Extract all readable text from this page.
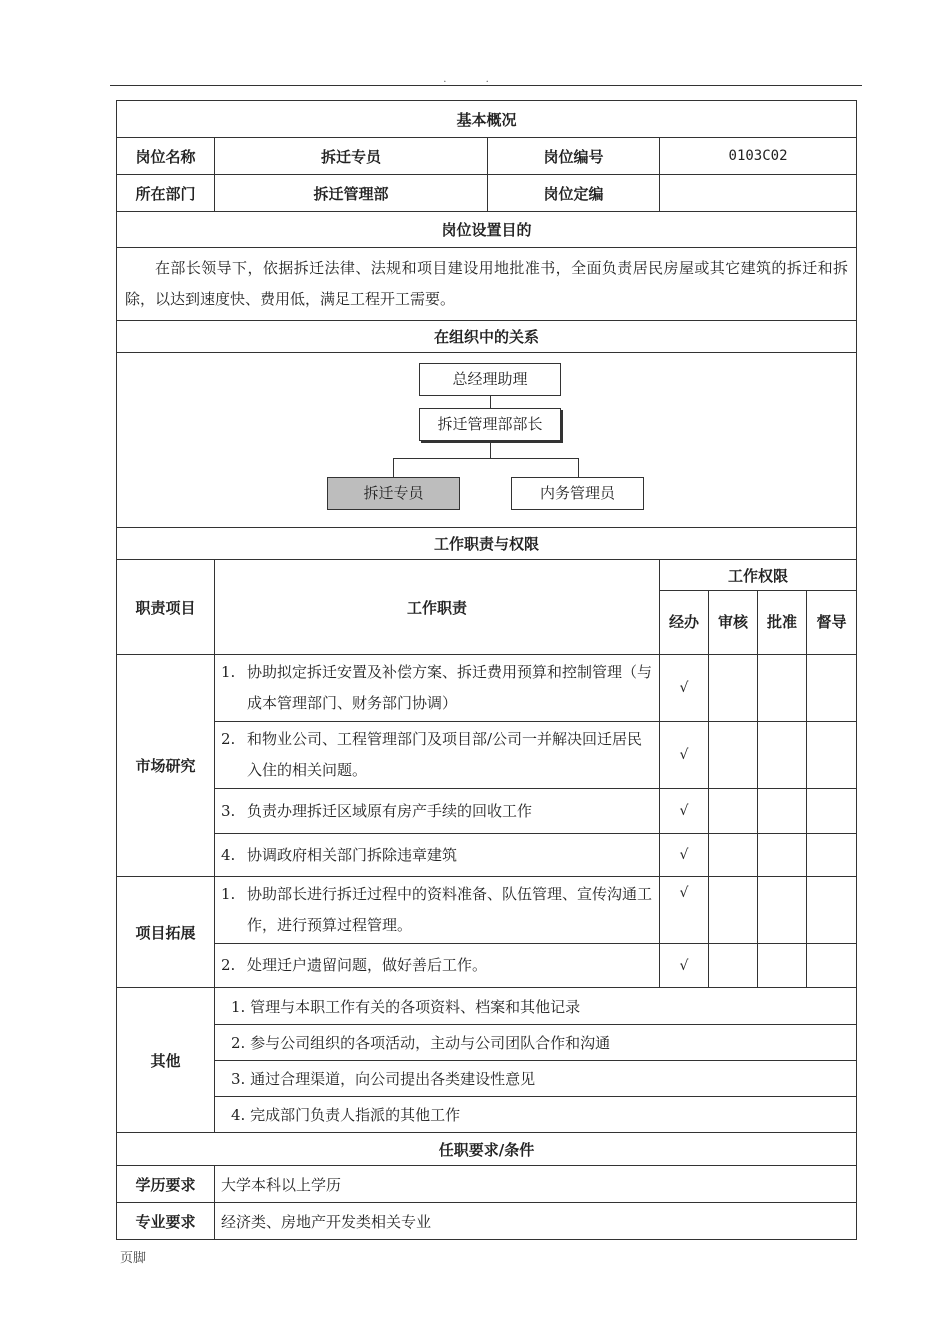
. .
基本概况						
岗位名称	拆迁专员	岗位编号	0103C02			
所在部门	拆迁管理部	岗位定编				
岗位设置目的						
在部长领导下，依据拆迁法律、法规和项目建设用地批准书，全面负责居民房屋或其它建筑的拆迁和拆除，以达到速度快、费用低，满足工程开工需要。						
在组织中的关系						

总经理助理
拆迁管理部部长
拆迁专员 内务管理员						

工作职责与权限						
职责项目	工作职责		工作权限			
			经办	审核	批准	督导
市场研究	1. 协助拟定拆迁安置及补偿方案、拆迁费用预算和控制管理（与成本管理部门、财务部门协调）		√			

	2. 和物业公司、工程管理部门及项目部/公司一并解决回迁居民入住的相关问题。		√			

	3. 负责办理拆迁区域原有房产手续的回收工作		√			

	4. 协调政府相关部门拆除违章建筑		√			
项目拓展	1. 协助部长进行拆迁过程中的资料准备、队伍管理、宣传沟通工作，进行预算过程管理。		√			

	2. 处理迁户遗留问题，做好善后工作。		√			
其他	1. 管理与本职工作有关的各项资料、档案和其他记录					
	2. 参与公司组织的各项活动，主动与公司团队合作和沟通					
	3. 通过合理渠道，向公司提出各类建设性意见					
	4. 完成部门负责人指派的其他工作					
任职要求/条件						
学历要求	大学本科以上学历					
专业要求	经济类、房地产开发类相关专业					
页脚
